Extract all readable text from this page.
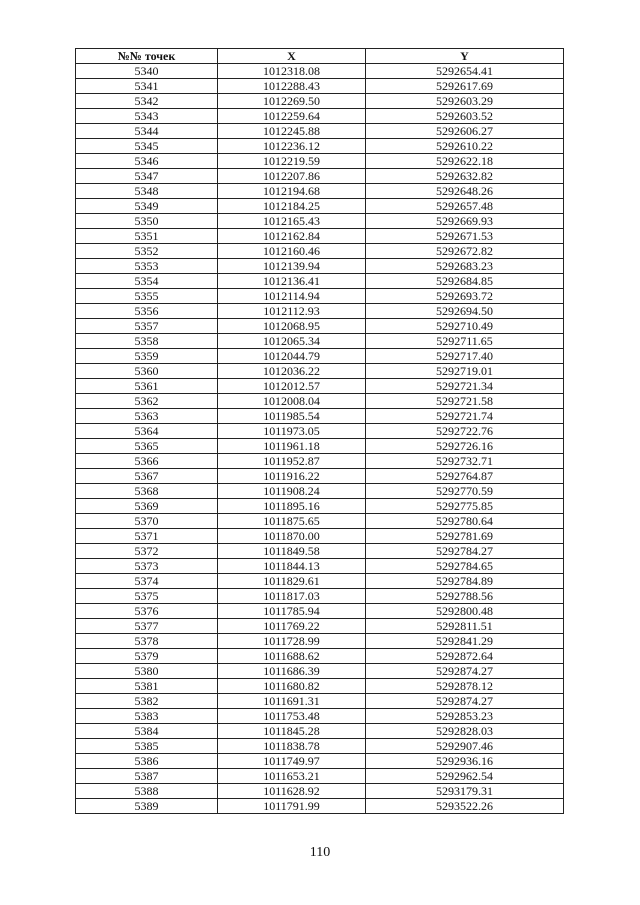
№№ точек	X	Y
5340	1012318.08	5292654.41
5341	1012288.43	5292617.69
5342	1012269.50	5292603.29
5343	1012259.64	5292603.52
5344	1012245.88	5292606.27
5345	1012236.12	5292610.22
5346	1012219.59	5292622.18
5347	1012207.86	5292632.82
5348	1012194.68	5292648.26
5349	1012184.25	5292657.48
5350	1012165.43	5292669.93
5351	1012162.84	5292671.53
5352	1012160.46	5292672.82
5353	1012139.94	5292683.23
5354	1012136.41	5292684.85
5355	1012114.94	5292693.72
5356	1012112.93	5292694.50
5357	1012068.95	5292710.49
5358	1012065.34	5292711.65
5359	1012044.79	5292717.40
5360	1012036.22	5292719.01
5361	1012012.57	5292721.34
5362	1012008.04	5292721.58
5363	1011985.54	5292721.74
5364	1011973.05	5292722.76
5365	1011961.18	5292726.16
5366	1011952.87	5292732.71
5367	1011916.22	5292764.87
5368	1011908.24	5292770.59
5369	1011895.16	5292775.85
5370	1011875.65	5292780.64
5371	1011870.00	5292781.69
5372	1011849.58	5292784.27
5373	1011844.13	5292784.65
5374	1011829.61	5292784.89
5375	1011817.03	5292788.56
5376	1011785.94	5292800.48
5377	1011769.22	5292811.51
5378	1011728.99	5292841.29
5379	1011688.62	5292872.64
5380	1011686.39	5292874.27
5381	1011680.82	5292878.12
5382	1011691.31	5292874.27
5383	1011753.48	5292853.23
5384	1011845.28	5292828.03
5385	1011838.78	5292907.46
5386	1011749.97	5292936.16
5387	1011653.21	5292962.54
5388	1011628.92	5293179.31
5389	1011791.99	5293522.26
110
